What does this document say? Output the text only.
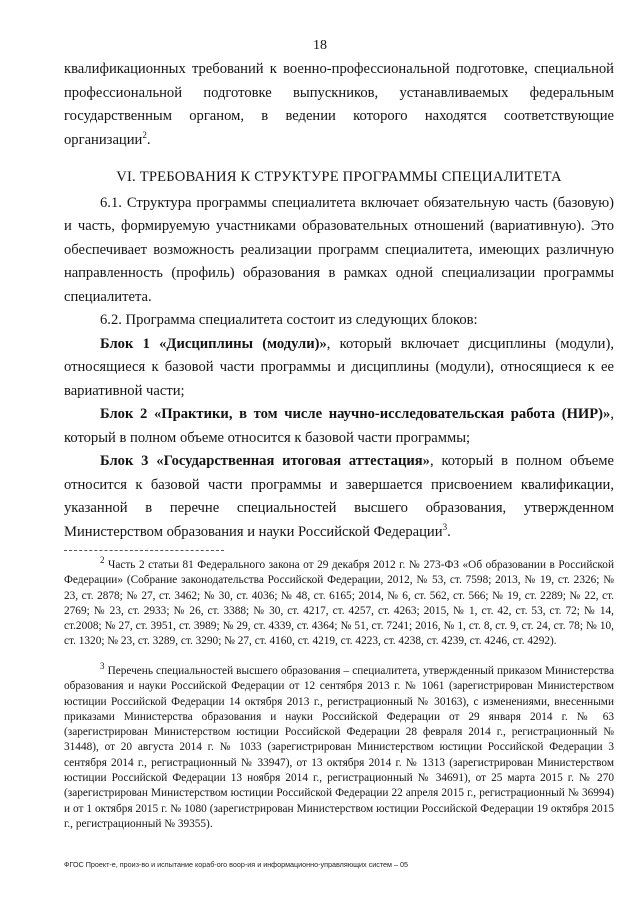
18

квалификационных требований к военно-профессиональной подготовке, специальной профессиональной подготовке выпускников, устанавливаемых федеральным государственным органом, в ведении которого находятся соответствующие организации$^2$.

VI. ТРЕБОВАНИЯ К СТРУКТУРЕ ПРОГРАММЫ СПЕЦИАЛИТЕТА

6.1. Структура программы специалитета включает обязательную часть (базовую) и часть, формируемую участниками образовательных отношений (вариативную). Это обеспечивает возможность реализации программ специалитета, имеющих различную направленность (профиль) образования в рамках одной специализации программы специалитета.

6.2. Программа специалитета состоит из следующих блоков:

Блок 1 «Дисциплины (модули)», который включает дисциплины (модули), относящиеся к базовой части программы и дисциплины (модули), относящиеся к ее вариативной части;

Блок 2 «Практики, в том числе научно-исследовательская работа (НИР)», который в полном объеме относится к базовой части программы;

Блок 3 «Государственная итоговая аттестация», который в полном объеме относится к базовой части программы и завершается присвоением квалификации, указанной в перечне специальностей высшего образования, утвержденном Министерством образования и науки Российской Федерации$^3$.

$^2$ Часть 2 статьи 81 Федерального закона от 29 декабря 2012 г. № 273-ФЗ «Об образовании в Российской Федерации» (Собрание законодательства Российской Федерации, 2012, № 53, ст. 7598; 2013, № 19, ст. 2326; № 23, ст. 2878; № 27, ст. 3462; № 30, ст. 4036; № 48, ст. 6165; 2014, № 6, ст. 562, ст. 566; № 19, ст. 2289; № 22, ст. 2769; № 23, ст. 2933; № 26, ст. 3388; № 30, ст. 4217, ст. 4257, ст. 4263; 2015, № 1, ст. 42, ст. 53, ст. 72; № 14, ст.2008; № 27, ст. 3951, ст. 3989; № 29, ст. 4339, ст. 4364; № 51, ст. 7241; 2016, № 1, ст. 8, ст. 9, ст. 24, ст. 78; № 10, ст. 1320; № 23, ст. 3289, ст. 3290; № 27, ст. 4160, ст. 4219, ст. 4223, ст. 4238, ст. 4239, ст. 4246, ст. 4292).

$^3$ Перечень специальностей высшего образования – специалитета, утвержденный приказом Министерства образования и науки Российской Федерации от 12 сентября 2013 г. № 1061 (зарегистрирован Министерством юстиции Российской Федерации 14 октября 2013 г., регистрационный № 30163), с изменениями, внесенными приказами Министерства образования и науки Российской Федерации от 29 января 2014 г. № 63 (зарегистрирован Министерством юстиции Российской Федерации 28 февраля 2014 г., регистрационный № 31448), от 20 августа 2014 г. № 1033 (зарегистрирован Министерством юстиции Российской Федерации 3 сентября 2014 г., регистрационный № 33947), от 13 октября 2014 г. № 1313 (зарегистрирован Министерством юстиции Российской Федерации 13 ноября 2014 г., регистрационный № 34691), от 25 марта 2015 г. № 270 (зарегистрирован Министерством юстиции Российской Федерации 22 апреля 2015 г., регистрационный № 36994) и от 1 октября 2015 г. № 1080 (зарегистрирован Министерством юстиции Российской Федерации 19 октября 2015 г., регистрационный № 39355).

ФГОС Проект-е, произ-во и испытание кораб-ого воор-ия и информационно-управляющих систем – 05
